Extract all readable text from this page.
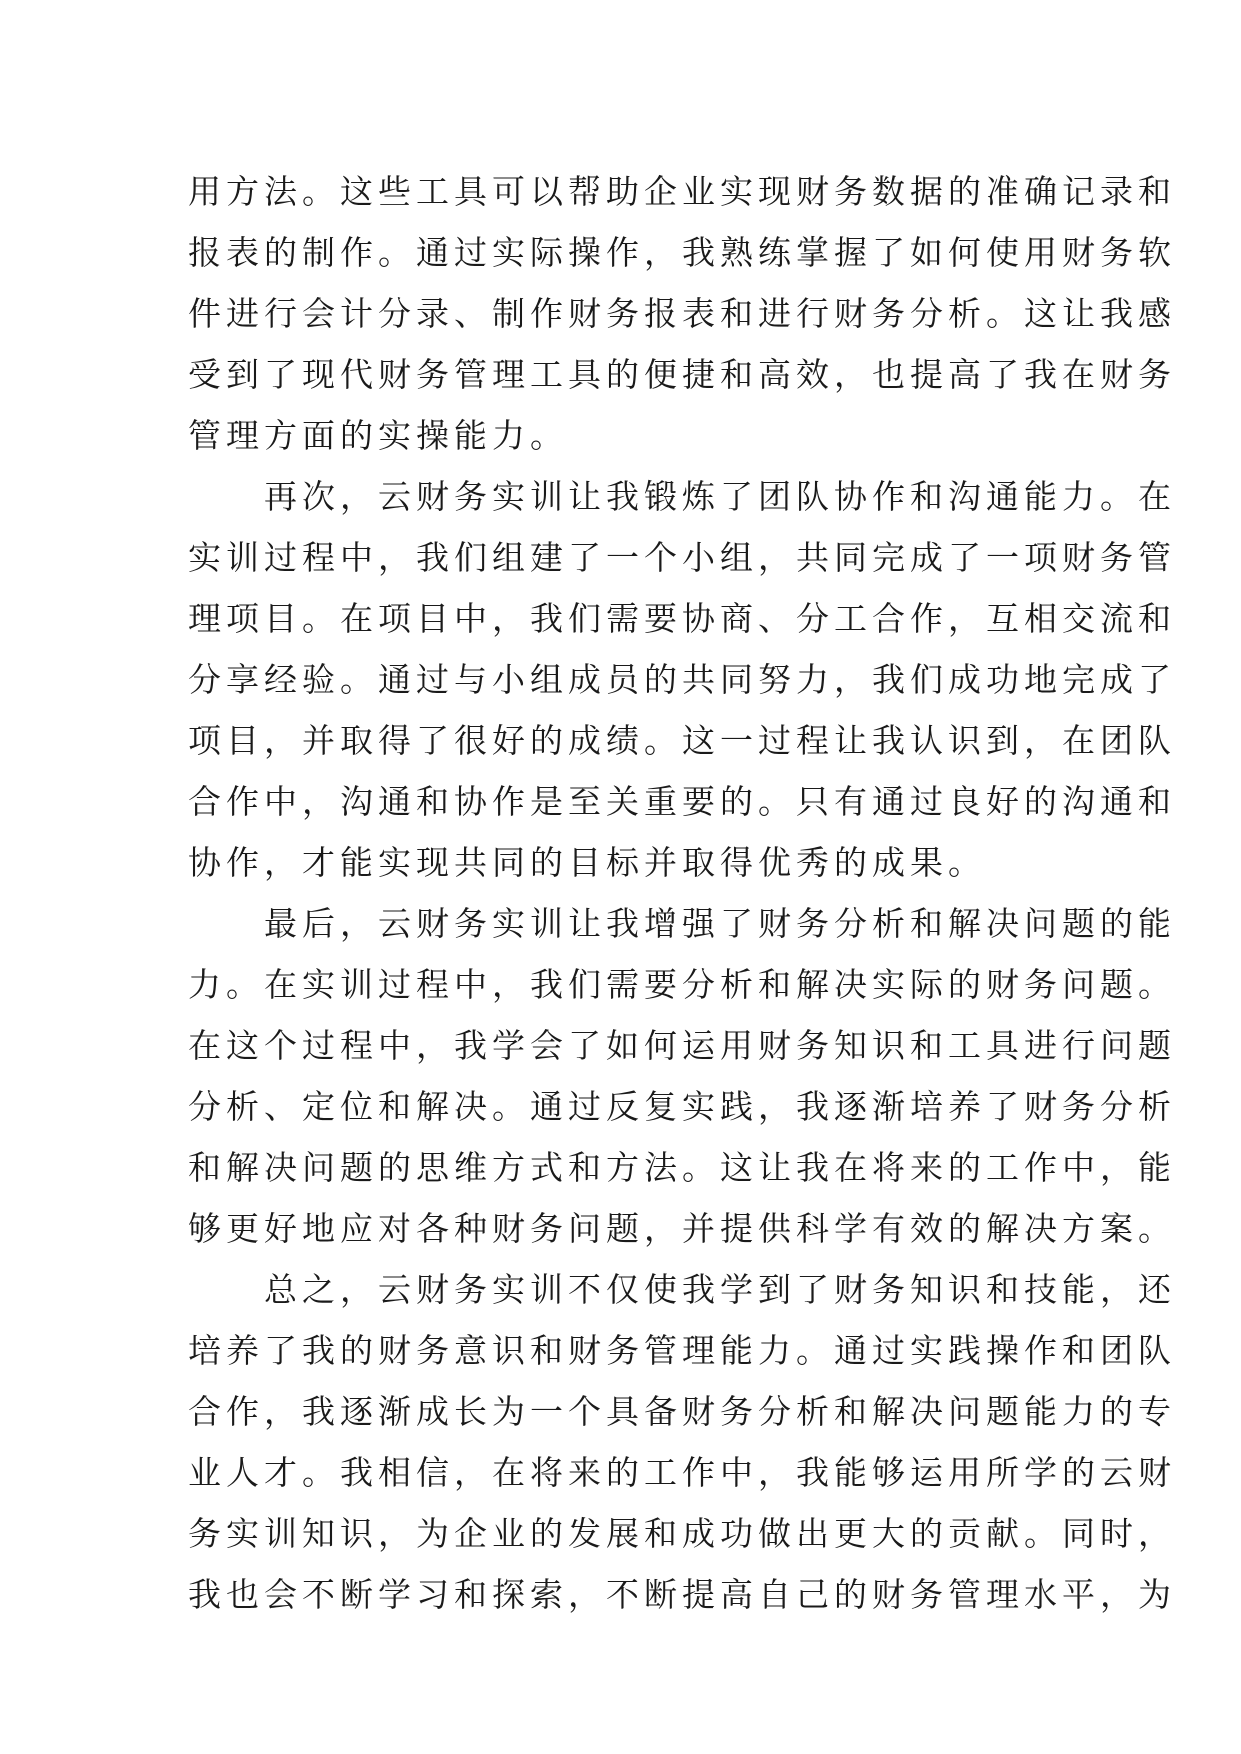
用方法。这些工具可以帮助企业实现财务数据的准确记录和
报表的制作。通过实际操作，我熟练掌握了如何使用财务软
件进行会计分录、制作财务报表和进行财务分析。这让我感
受到了现代财务管理工具的便捷和高效，也提高了我在财务
管理方面的实操能力。
　　再次，云财务实训让我锻炼了团队协作和沟通能力。在
实训过程中，我们组建了一个小组，共同完成了一项财务管
理项目。在项目中，我们需要协商、分工合作，互相交流和
分享经验。通过与小组成员的共同努力，我们成功地完成了
项目，并取得了很好的成绩。这一过程让我认识到，在团队
合作中，沟通和协作是至关重要的。只有通过良好的沟通和
协作，才能实现共同的目标并取得优秀的成果。
　　最后，云财务实训让我增强了财务分析和解决问题的能
力。在实训过程中，我们需要分析和解决实际的财务问题。
在这个过程中，我学会了如何运用财务知识和工具进行问题
分析、定位和解决。通过反复实践，我逐渐培养了财务分析
和解决问题的思维方式和方法。这让我在将来的工作中，能
够更好地应对各种财务问题，并提供科学有效的解决方案。
　　总之，云财务实训不仅使我学到了财务知识和技能，还
培养了我的财务意识和财务管理能力。通过实践操作和团队
合作，我逐渐成长为一个具备财务分析和解决问题能力的专
业人才。我相信，在将来的工作中，我能够运用所学的云财
务实训知识，为企业的发展和成功做出更大的贡献。同时，
我也会不断学习和探索，不断提高自己的财务管理水平，为
